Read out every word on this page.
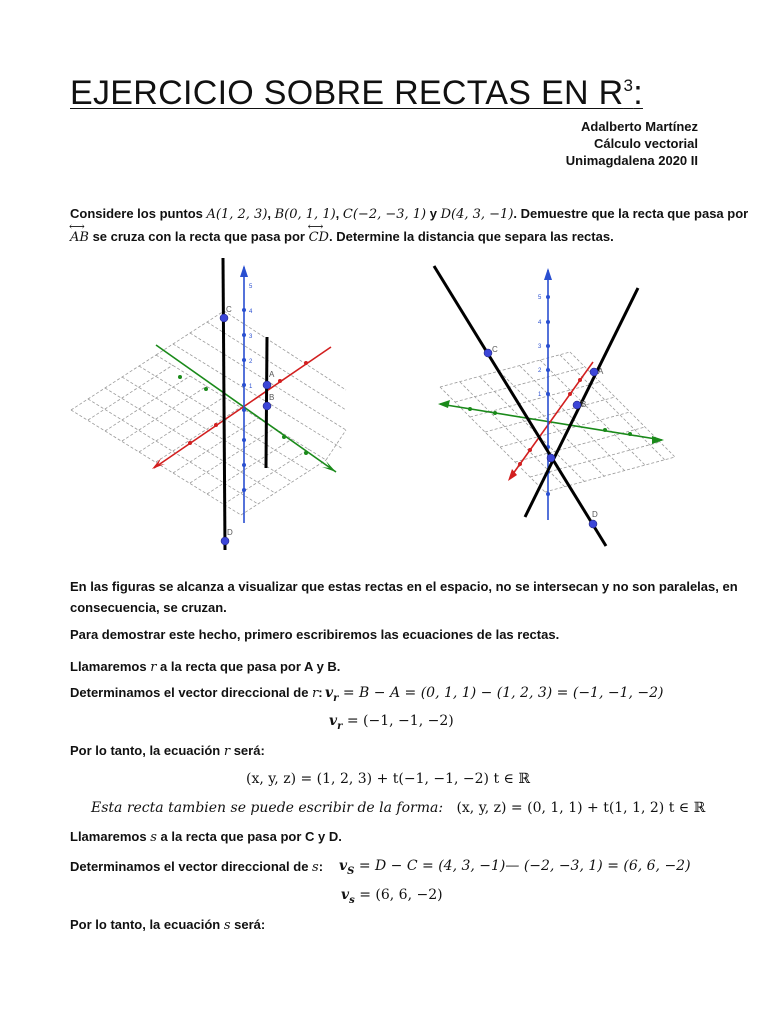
EJERCICIO SOBRE RECTAS EN $R^3$:
Adalberto Martínez
Cálculo vectorial
Unimagdalena 2020 II
Considere los puntos A(1, 2, 3), B(0, 1, 1), C(−2, −3, 1) y D(4, 3, −1). Demuestre que la recta que pasa por
⟷ AB se cruza con la recta que pasa por ⟷ CD. Determine la distancia que separa las rectas.
5
4
3
2
1
C
A
B
D
5
4
3
2
1
C
A
B
D
En las figuras se alcanza a visualizar que estas rectas en el espacio, no se intersecan y no son paralelas, en
consecuencia, se cruzan.
Para demostrar este hecho, primero escribiremos las ecuaciones de las rectas.
Llamaremos r a la recta que pasa por A y B.
Determinamos el vector direccional de r: $v_r = B - A = (0$, 1, 1) − (1, 2, 3) = (−1, −1, −2)
$v_r = (-1$, −1, −2)
Por lo tanto, la ecuación r será:
(x, y, z) = (1, 2, 3) + t(−1, −1, −2) t ∈ ℝ
Esta recta tambien se puede escribir de la forma: (x, y, z) = (0, 1, 1) + t(1, 1, 2) t ∈ ℝ
Llamaremos s a la recta que pasa por C y D.
Determinamos el vector direccional de s: $v_S = D - C = (4$, 3, −1)— (−2, −3, 1) = (6, 6, −2)
$v_s = (6$, 6, −2)
Por lo tanto, la ecuación s será:
